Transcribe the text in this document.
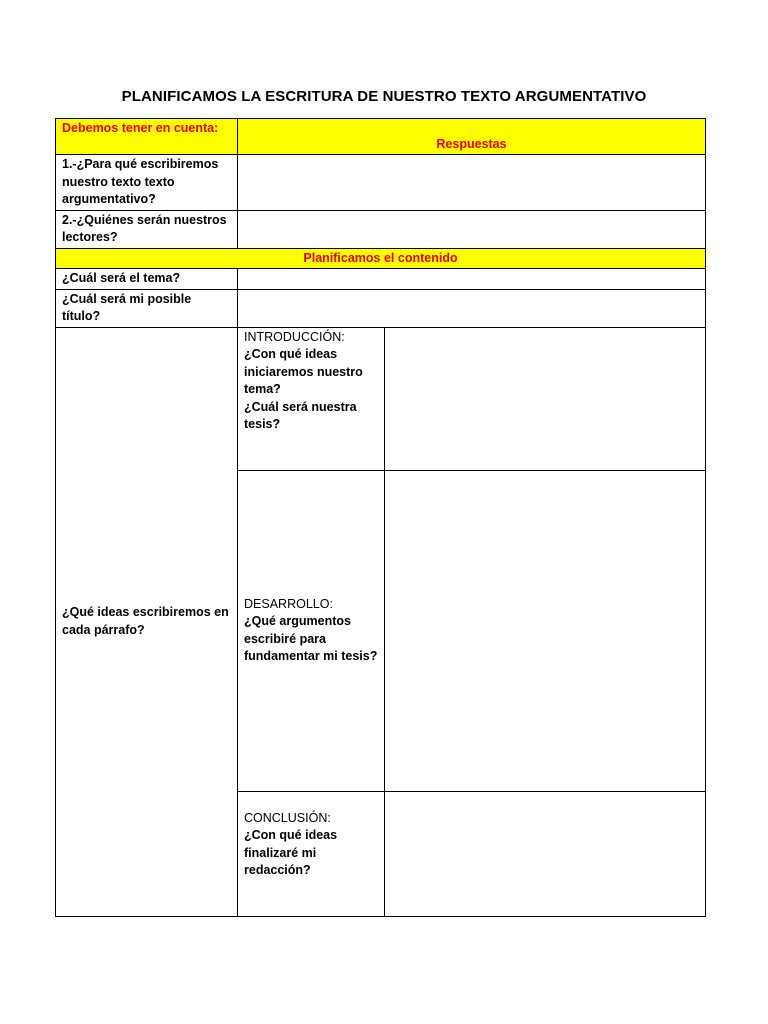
PLANIFICAMOS LA ESCRITURA DE NUESTRO TEXTO ARGUMENTATIVO
Debemos tener en cuenta:	Respuestas	
1.-¿Para qué escribiremos nuestro texto texto argumentativo?		
2.-¿Quiénes serán nuestros lectores?		
Planificamos el contenido		
¿Cuál será el tema?		
¿Cuál será mi posible título?		
¿Qué ideas escribiremos en cada párrafo?	INTRODUCCIÓN:
¿Con qué ideas iniciaremos nuestro tema?
¿Cuál será nuestra tesis?	

	DESARROLLO:
¿Qué argumentos escribiré para fundamentar mi tesis?	

	CONCLUSIÓN:
¿Con qué ideas finalizaré mi redacción?	
